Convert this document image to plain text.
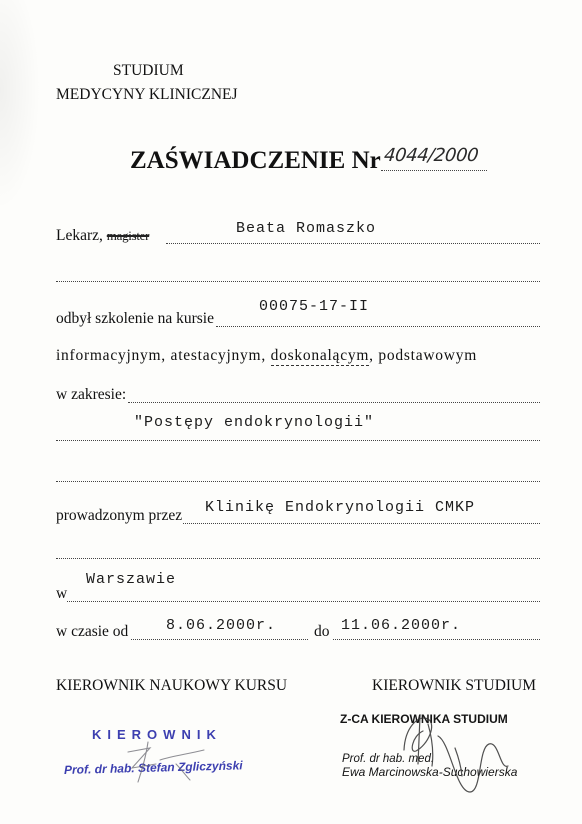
STUDIUM
MEDYCYNY KLINICZNEJ
ZAŚWIADCZENIE Nr 4044/2000
Lekarz, magister	Beata Romaszko
odbył szkolenie na kursie
00075-17-II
informacyjnym, atestacyjnym, doskonalącym, podstawowym
w zakresie:
"Postępy endokrynologii"
prowadzonym przez Klinikę Endokrynologii CMKP
Warszawie
w
w czasie od	8.06.2000r. do 11.06.2000r.
KIEROWNIK NAUKOWY KURSU	KIEROWNIK STUDIUM
KIEROWNIK
Prof. dr hab. Stefan Zgliczyński
Z-CA KIEROWNIKA STUDIUM
Prof. dr hab. med.
Ewa Marcinowska-Suchowierska
